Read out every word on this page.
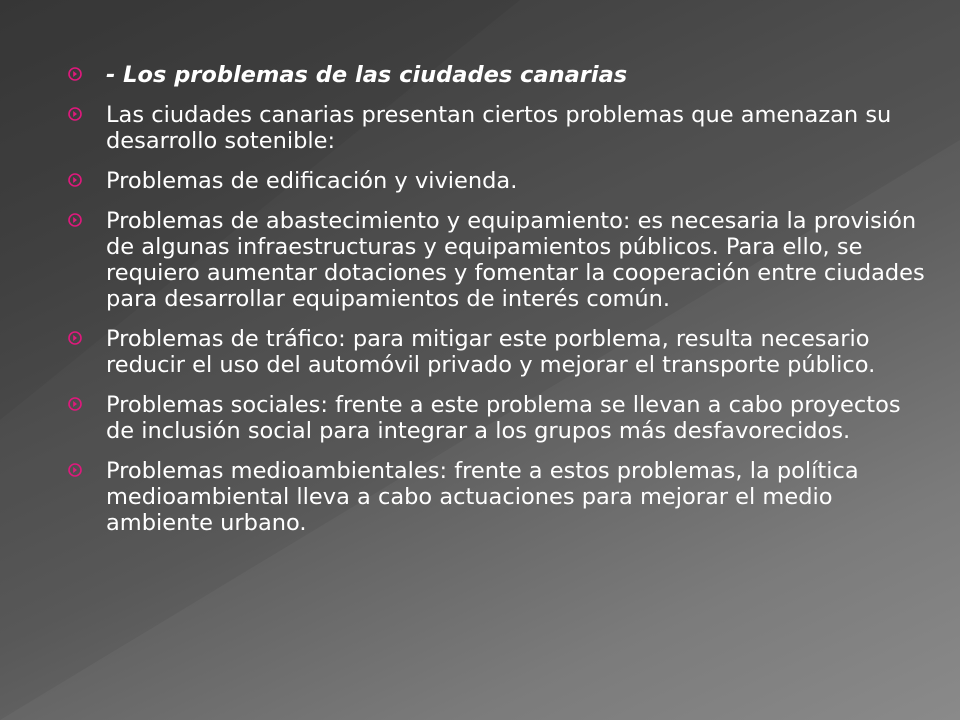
- Los problemas de las ciudades canarias
Las ciudades canarias presentan ciertos problemas que amenazan su desarrollo sotenible:
Problemas de edificación y vivienda.
Problemas de abastecimiento y equipamiento: es necesaria la provisión de algunas infraestructuras y equipamientos públicos. Para ello, se requiero aumentar dotaciones y fomentar la cooperación entre ciudades para desarrollar equipamientos de interés común.
Problemas de tráfico: para mitigar este porblema, resulta necesario reducir el uso del automóvil privado y mejorar el transporte público.
Problemas sociales: frente a este problema se llevan a cabo proyectos de inclusión social para integrar a los grupos más desfavorecidos.
Problemas medioambientales: frente a estos problemas, la política medioambiental lleva a cabo actuaciones para mejorar el medio ambiente urbano.
